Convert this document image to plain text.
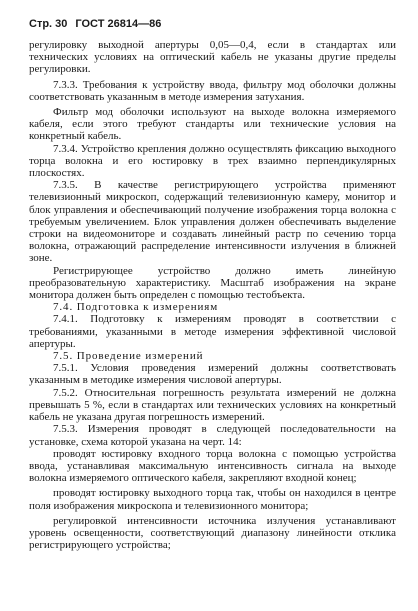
Стр. 30 ГОСТ 26814—86

регулировку выходной апертуры 0,05—0,4, если в стандартах или технических условиях на оптический кабель не указаны другие пределы регулировки.

7.3.3. Требования к устройству ввода, фильтру мод оболочки должны соответствовать указанным в методе измерения затухания.

Фильтр мод оболочки используют на выходе волокна измеряемого кабеля, если этого требуют стандарты или технические условия на конкретный кабель.

7.3.4. Устройство крепления должно осуществлять фиксацию выходного торца волокна и его юстировку в трех взаимно перпендикулярных плоскостях.

7.3.5. В качестве регистрирующего устройства применяют телевизионный микроскоп, содержащий телевизионную камеру, монитор и блок управления и обеспечивающий получение изображения торца волокна с требуемым увеличением. Блок управления должен обеспечивать выделение строки на видеомониторе и создавать линейный растр по сечению торца волокна, отражающий распределение интенсивности излучения в ближней зоне.

Регистрирующее устройство должно иметь линейную преобразовательную характеристику. Масштаб изображения на экране монитора должен быть определен с помощью тестобъекта.

7.4. Подготовка к измерениям

7.4.1. Подготовку к измерениям проводят в соответствии с требованиями, указанными в методе измерения эффективной числовой апертуры.

7.5. Проведение измерений

7.5.1. Условия проведения измерений должны соответствовать указанным в методике измерения числовой апертуры.

7.5.2. Относительная погрешность результата измерений не должна превышать 5 %, если в стандартах или технических условиях на конкретный кабель не указана другая погрешность измерений.

7.5.3. Измерения проводят в следующей последовательности на установке, схема которой указана на черт. 14:

проводят юстировку входного торца волокна с помощью устройства ввода, устанавливая максимальную интенсивность сигнала на выходе волокна измеряемого оптического кабеля, закрепляют входной конец;

проводят юстировку выходного торца так, чтобы он находился в центре поля изображения микроскопа и телевизионного монитора;

регулировкой интенсивности источника излучения устанавливают уровень освещенности, соответствующий диапазону линейности отклика регистрирующего устройства;
